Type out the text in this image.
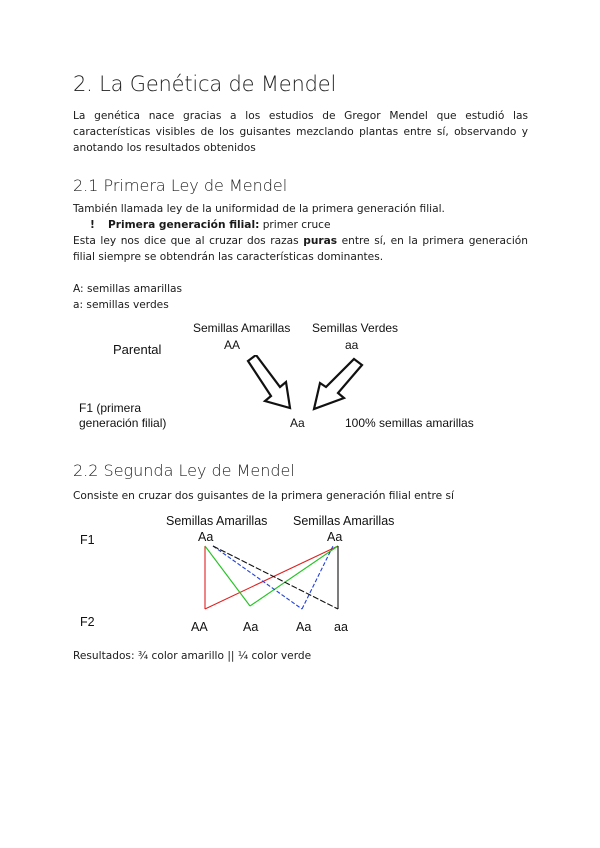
2. La Genética de Mendel

La genética nace gracias a los estudios de Gregor Mendel que estudió las características visibles de los guisantes mezclando plantas entre sí, observando y anotando los resultados obtenidos

2.1 Primera Ley de Mendel

También llamada ley de la uniformidad de la primera generación filial.

! Primera generación filial: primer cruce

Esta ley nos dice que al cruzar dos razas puras entre sí, en la primera generación filial siempre se obtendrán las características dominantes.

A: semillas amarillas

a: semillas verdes

Semillas Amarillas
AA
Semillas Verdes
aa
Parental
F1 (primera
generación filial)	Aa	100% semillas amarillas
2.2 Segunda Ley de Mendel

Consiste en cruzar dos guisantes de la primera generación filial entre sí

Semillas Amarillas Semillas Amarillas
Aa	Aa
F1
F2	AA	Aa	Aa aa

Resultados: ¾ color amarillo || ¼ color verde
